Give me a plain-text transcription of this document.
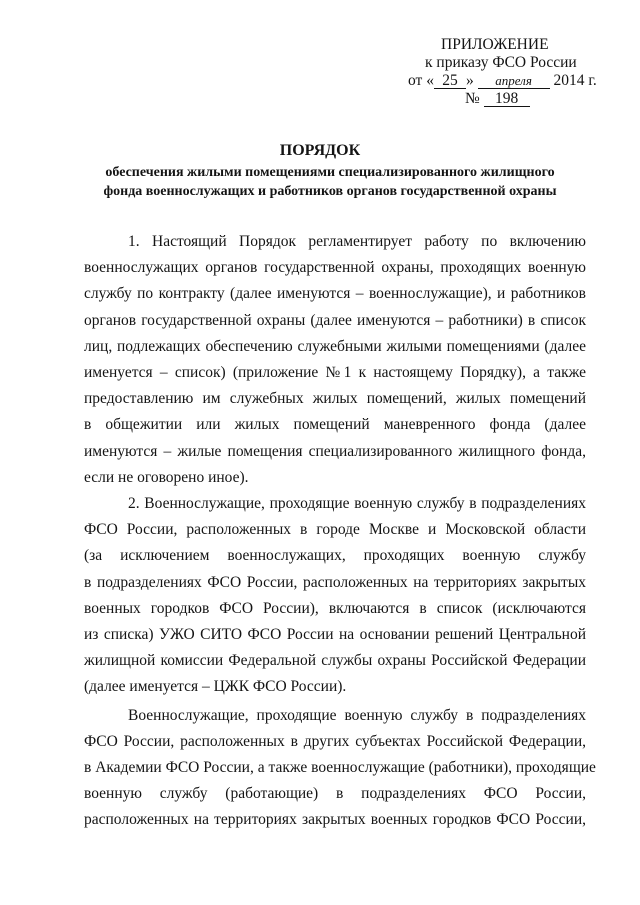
ПРИЛОЖЕНИЕ
к приказу ФСО России
от « 25 » апреля 2014 г.
№ 198
ПОРЯДОК
обеспечения жилыми помещениями специализированного жилищного
фонда военнослужащих и работников органов государственной охраны
1. Настоящий Порядок регламентирует работу по включению
военнослужащих органов государственной охраны, проходящих военную
службу по контракту (далее именуются – военнослужащие), и работников
органов государственной охраны (далее именуются – работники) в список
лиц, подлежащих обеспечению служебными жилыми помещениями (далее
именуется – список) (приложение №1 к настоящему Порядку), а также
предоставлению им служебных жилых помещений, жилых помещений
в общежитии или жилых помещений маневренного фонда (далее
именуются – жилые помещения специализированного жилищного фонда,
если не оговорено иное).
2. Военнослужащие, проходящие военную службу в подразделениях
ФСО России, расположенных в городе Москве и Московской области
(за исключением военнослужащих, проходящих военную службу
в подразделениях ФСО России, расположенных на территориях закрытых
военных городков ФСО России), включаются в список (исключаются
из списка) УЖО СИТО ФСО России на основании решений Центральной
жилищной комиссии Федеральной службы охраны Российской Федерации
(далее именуется – ЦЖК ФСО России).
Военнослужащие, проходящие военную службу в подразделениях
ФСО России, расположенных в других субъектах Российской Федерации,
в Академии ФСО России, а также военнослужащие (работники), проходящие
военную службу (работающие) в подразделениях ФСО России,
расположенных на территориях закрытых военных городков ФСО России,
